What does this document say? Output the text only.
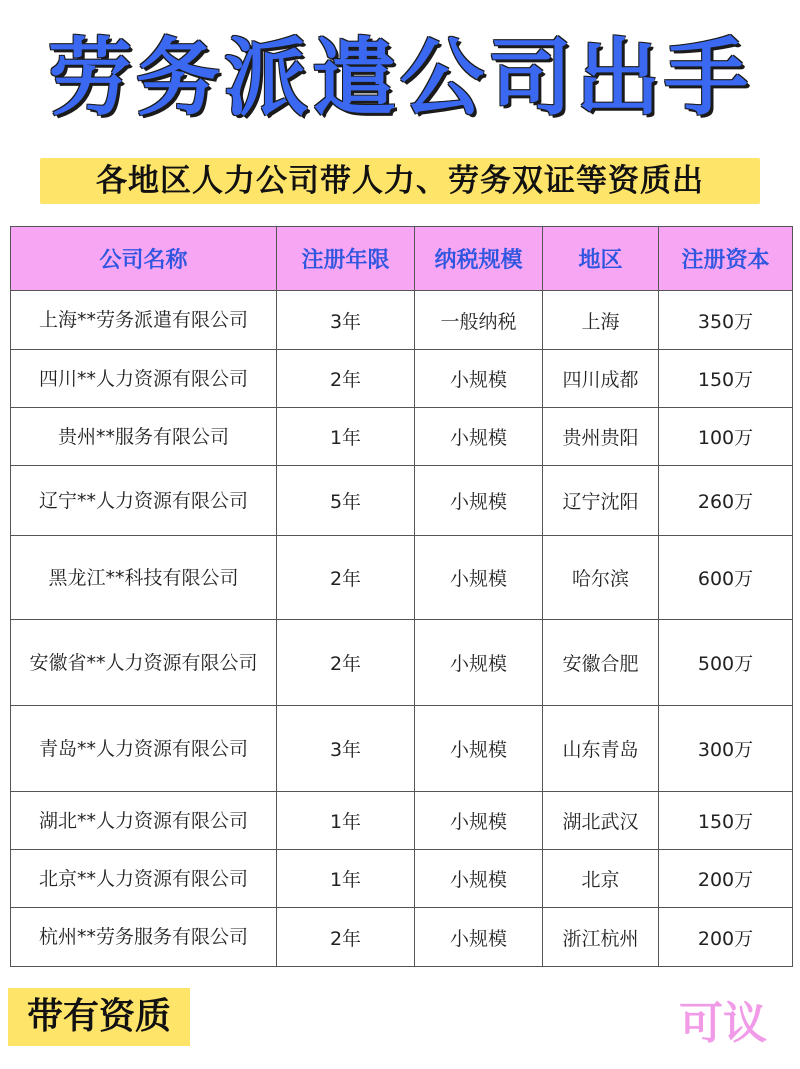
劳务派遣公司出手
各地区人力公司带人力、劳务双证等资质出
公司名称	注册年限	纳税规模	地区	注册资本
上海**劳务派遣有限公司	3年	一般纳税	上海	350万
四川**人力资源有限公司	2年	小规模	四川成都	150万
贵州**服务有限公司	1年	小规模	贵州贵阳	100万
辽宁**人力资源有限公司	5年	小规模	辽宁沈阳	260万
黑龙江**科技有限公司	2年	小规模	哈尔滨	600万
安徽省**人力资源有限公司	2年	小规模	安徽合肥	500万
青岛**人力资源有限公司	3年	小规模	山东青岛	300万
湖北**人力资源有限公司	1年	小规模	湖北武汉	150万
北京**人力资源有限公司	1年	小规模	北京	200万
杭州**劳务服务有限公司	2年	小规模	浙江杭州	200万
带有资质	可议
